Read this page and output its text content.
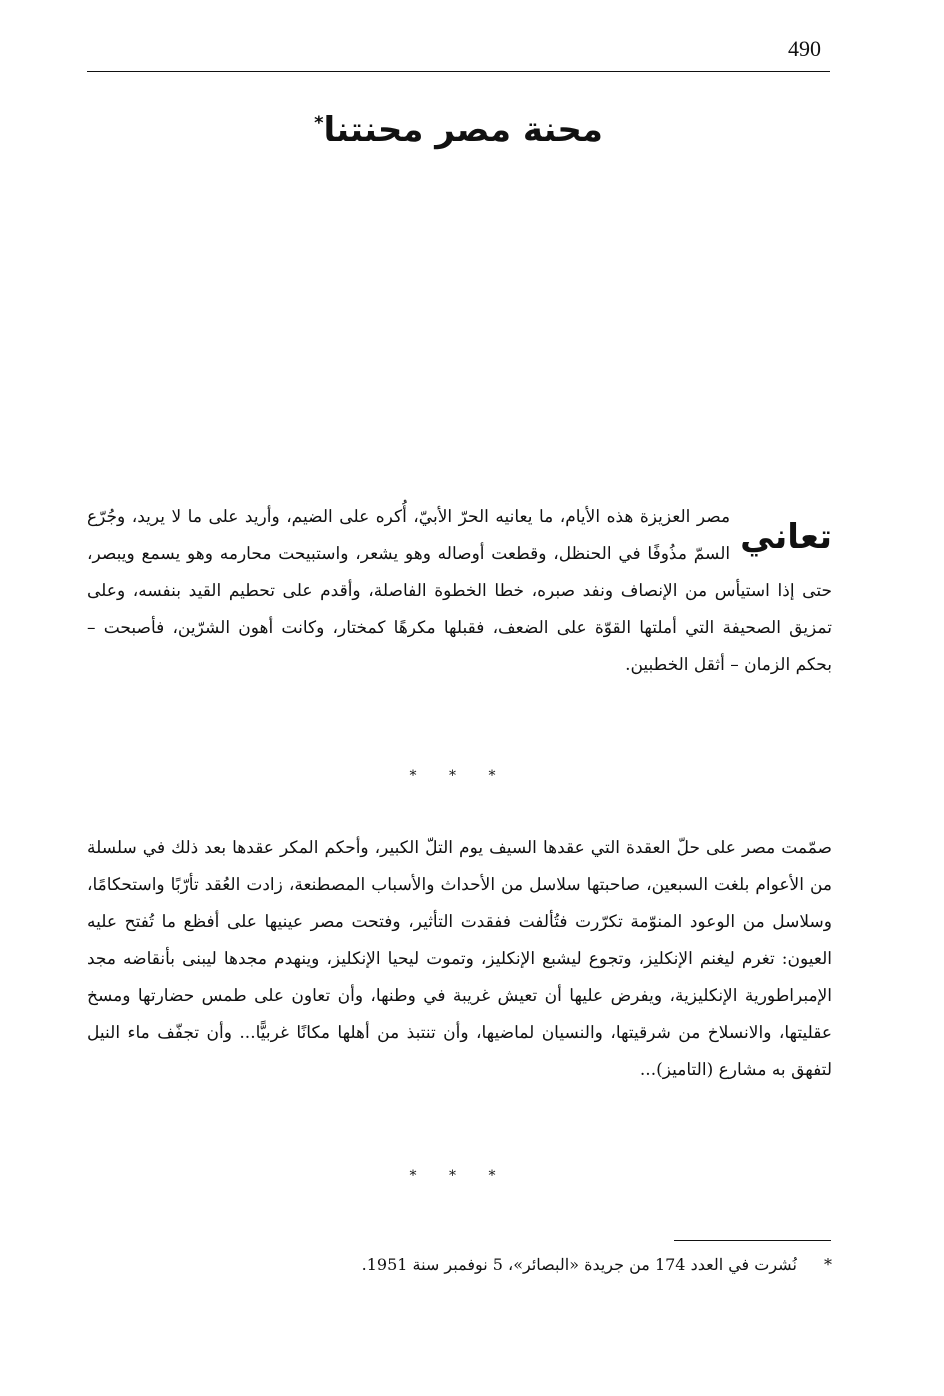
490
محنة مصر محنتنا*
تعاني
مصر العزيزة هذه الأيام، ما يعانيه الحرّ الأبيّ، أُكره على الضيم، وأريد على ما لا يريد، وجُرّع السمّ مذُوفًا في الحنظل، وقطعت أوصاله وهو يشعر، واستبيحت محارمه وهو يسمع ويبصر، حتى إذا استيأس من الإنصاف ونفد صبره، خطا الخطوة الفاصلة، وأقدم على تحطيم القيد بنفسه، وعلى تمزيق الصحيفة التي أملتها القوّة على الضعف، فقبلها مكرهًا كمختار، وكانت أهون الشرّين، فأصبحت – بحكم الزمان – أثقل الخطبين.
* * *
صمّمت مصر على حلّ العقدة التي عقدها السيف يوم التلّ الكبير، وأحكم المكر عقدها بعد ذلك في سلسلة من الأعوام بلغت السبعين، صاحبتها سلاسل من الأحداث والأسباب المصطنعة، زادت العُقد تأرّبًا واستحكامًا، وسلاسل من الوعود المنوّمة تكرّرت فتُألفت ففقدت التأثير، وفتحت مصر عينيها على أفظع ما تُفتح عليه العيون: تغرم ليغنم الإنكليز، وتجوع ليشبع الإنكليز، وتموت ليحيا الإنكليز، وينهدم مجدها ليبنى بأنقاضه مجد الإمبراطورية الإنكليزية، ويفرض عليها أن تعيش غريبة في وطنها، وأن تعاون على طمس حضارتها ومسخ عقليتها، والانسلاخ من شرقيتها، والنسيان لماضيها، وأن تنتبذ من أهلها مكانًا غربيًّا... وأن تجفّف ماء النيل لتفهق به مشارع (التاميز)...
* * *
* نُشرت في العدد 174 من جريدة «البصائر»، 5 نوفمبر سنة 1951.
